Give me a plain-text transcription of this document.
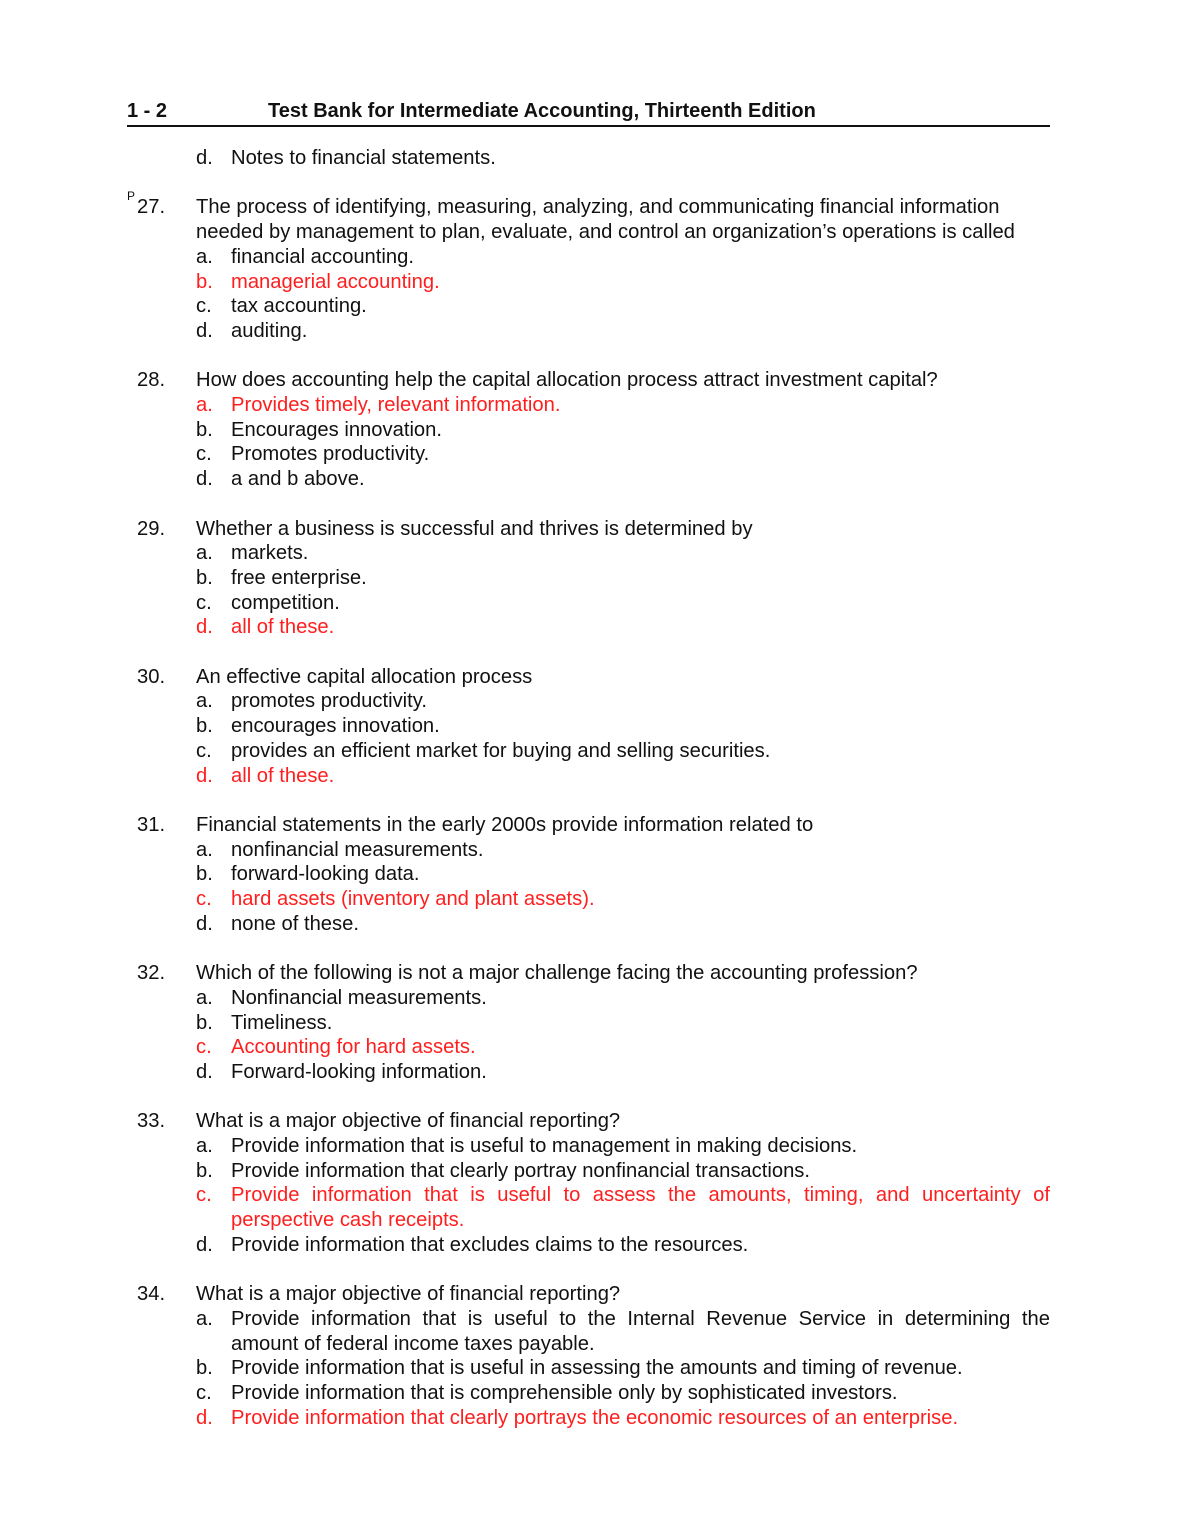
1 - 2	Test Bank for Intermediate Accounting, Thirteenth Edition
d. Notes to financial statements.
P 27. The process of identifying, measuring, analyzing, and communicating financial information needed by management to plan, evaluate, and control an organization’s operations is called
a. financial accounting.
b. managerial accounting.
c. tax accounting.
d. auditing.
28. How does accounting help the capital allocation process attract investment capital?
a. Provides timely, relevant information.
b. Encourages innovation.
c. Promotes productivity.
d. a and b above.
29. Whether a business is successful and thrives is determined by
a. markets.
b. free enterprise.
c. competition.
d. all of these.
30. An effective capital allocation process
a. promotes productivity.
b. encourages innovation.
c. provides an efficient market for buying and selling securities.
d. all of these.
31. Financial statements in the early 2000s provide information related to
a. nonfinancial measurements.
b. forward-looking data.
c. hard assets (inventory and plant assets).
d. none of these.
32. Which of the following is not a major challenge facing the accounting profession?
a. Nonfinancial measurements.
b. Timeliness.
c. Accounting for hard assets.
d. Forward-looking information.
33. What is a major objective of financial reporting?
a. Provide information that is useful to management in making decisions.
b. Provide information that clearly portray nonfinancial transactions.
c. Provide information that is useful to assess the amounts, timing, and uncertainty of perspective cash receipts.
d. Provide information that excludes claims to the resources.
34. What is a major objective of financial reporting?
a. Provide information that is useful to the Internal Revenue Service in determining the amount of federal income taxes payable.
b. Provide information that is useful in assessing the amounts and timing of revenue.
c. Provide information that is comprehensible only by sophisticated investors.
d. Provide information that clearly portrays the economic resources of an enterprise.
